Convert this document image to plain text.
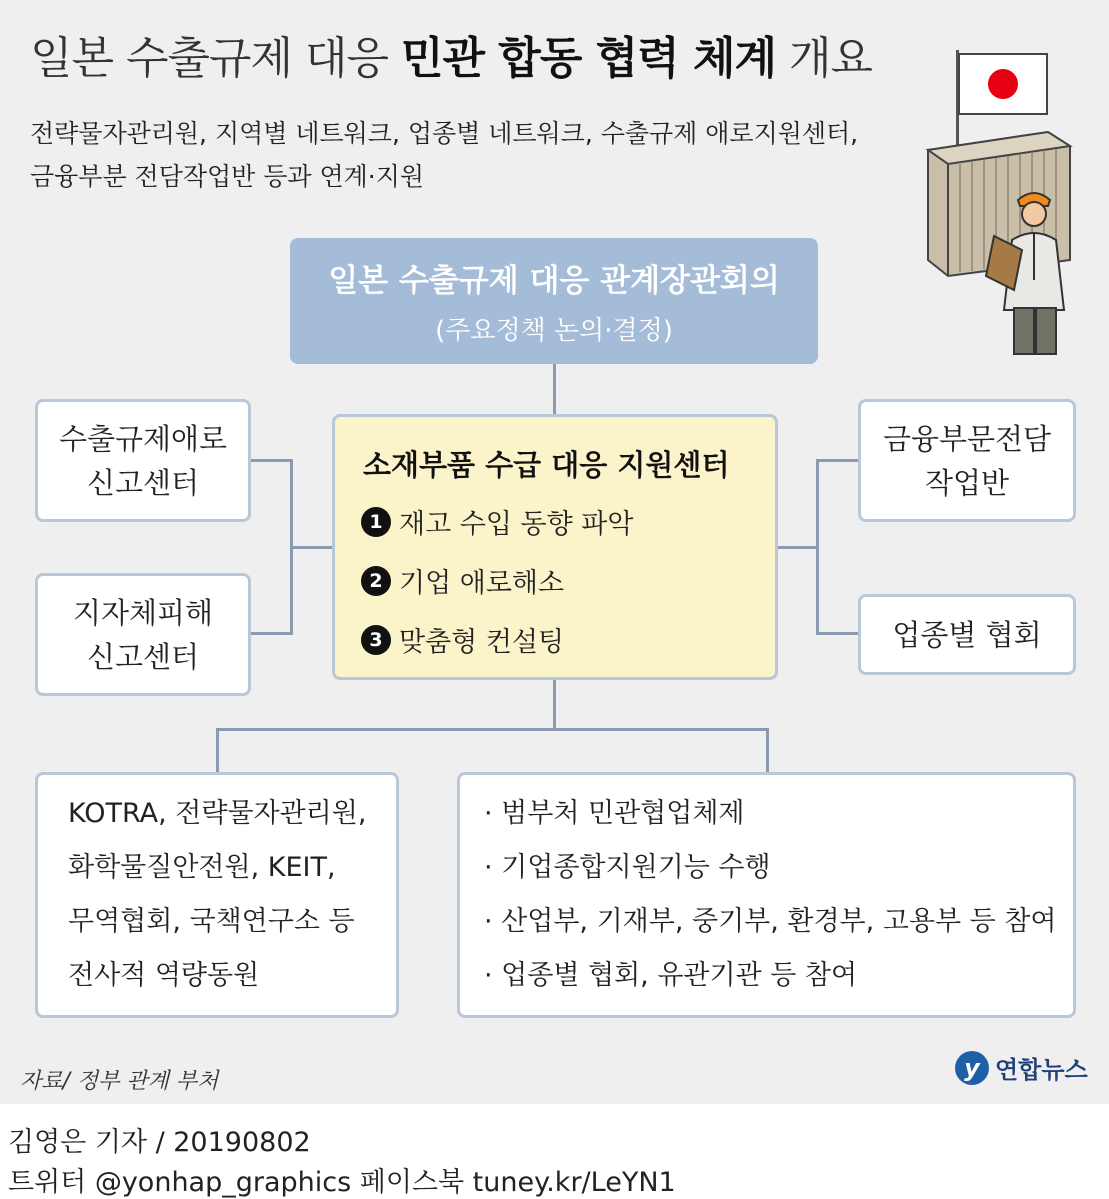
일본 수출규제 대응 민관 합동 협력 체계 개요
전략물자관리원, 지역별 네트워크, 업종별 네트워크, 수출규제 애로지원센터,
금융부분 전담작업반 등과 연계·지원
일본 수출규제 대응 관계장관회의
(주요정책 논의·결정)
수출규제애로
신고센터
지자체피해
신고센터
금융부문전담
작업반
업종별 협회
소재부품 수급 대응 지원센터
1 재고 수입 동향 파악
2 기업 애로해소
3 맞춤형 컨설팅
KOTRA, 전략물자관리원,
화학물질안전원, KEIT,
무역협회, 국책연구소 등
전사적 역량동원
· 범부처 민관협업체제
· 기업종합지원기능 수행
· 산업부, 기재부, 중기부, 환경부, 고용부 등 참여
· 업종별 협회, 유관기관 등 참여
자료/ 정부 관계 부처	y 연합뉴스
김영은 기자 / 20190802
트위터 @yonhap_graphics 페이스북 tuney.kr/LeYN1
